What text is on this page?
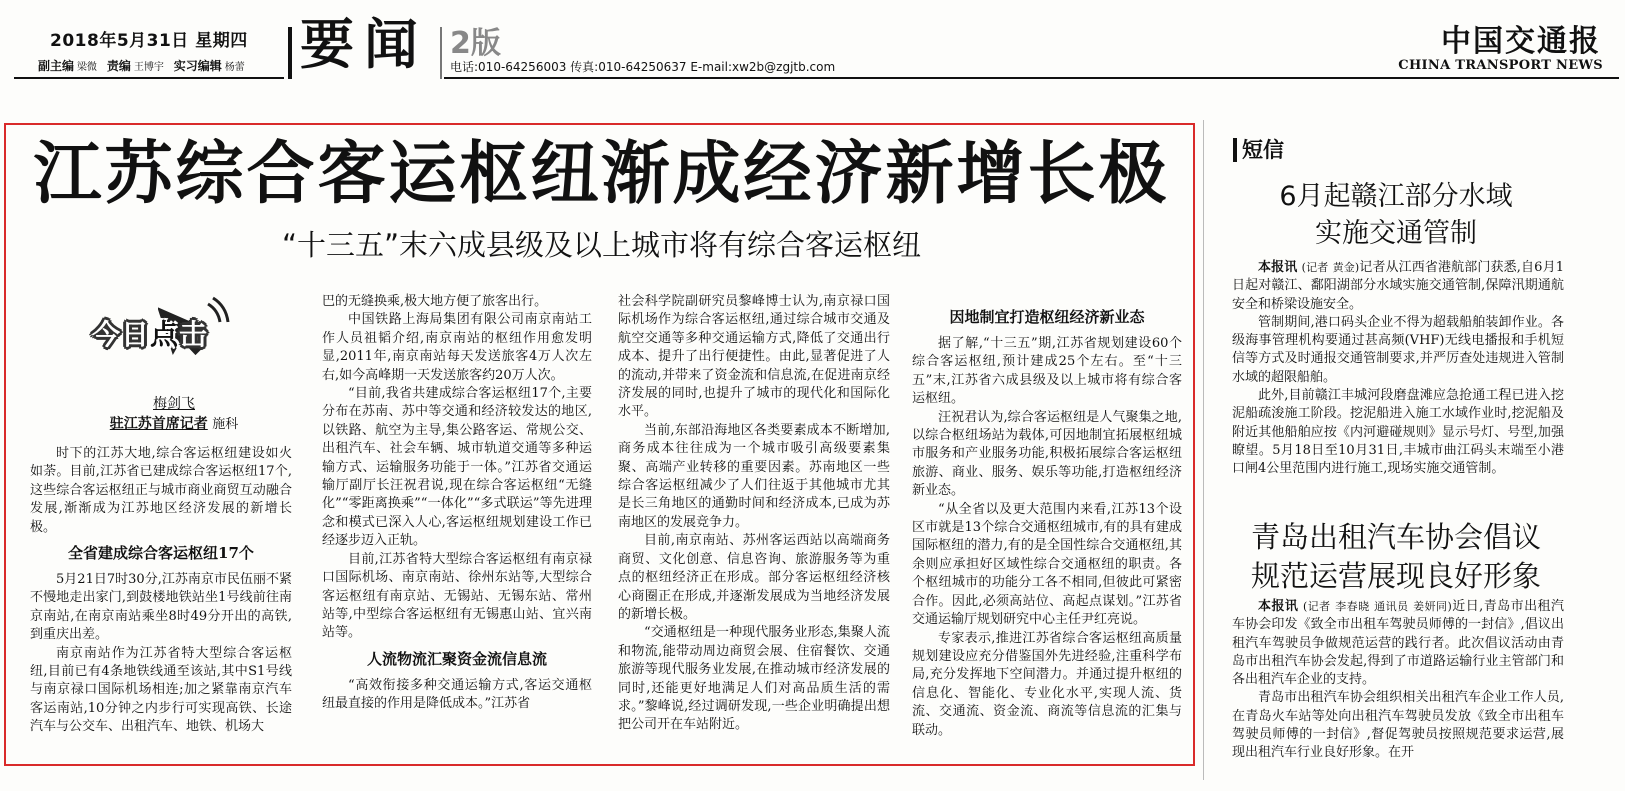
2018年5月31日 星期四
副主编 梁微 责编 王博宇 实习编辑 杨蕾 要闻 2版
电话:010-64256003 传真:010-64250637 E-mail:xw2b@zgjtb.com
中国交通报
CHINA TRANSPORT NEWS
江苏综合客运枢纽渐成经济新增长极
“十三五”末六成县级及以上城市将有综合客运枢纽
今日点击
梅剑飞
驻江苏首席记者 施科

时下的江苏大地,综合客运枢纽建设如火如荼。目前,江苏省已建成综合客运枢纽17个,这些综合客运枢纽正与城市商业商贸互动融合发展,渐渐成为江苏地区经济发展的新增长极。

全省建成综合客运枢纽17个

5月21日7时30分,江苏南京市民伍丽不紧不慢地走出家门,到鼓楼地铁站坐1号线前往南京南站,在南京南站乘坐8时49分开出的高铁,到重庆出差。

南京南站作为江苏省特大型综合客运枢纽,目前已有4条地铁线通至该站,其中S1号线与南京禄口国际机场相连;加之紧靠南京汽车客运南站,10分钟之内步行可实现高铁、长途汽车与公交车、出租汽车、地铁、机场大

巴的无缝换乘,极大地方便了旅客出行。

中国铁路上海局集团有限公司南京南站工作人员祖韬介绍,南京南站的枢纽作用愈发明显,2011年,南京南站每天发送旅客4万人次左右,如今高峰期一天发送旅客约20万人次。

“目前,我省共建成综合客运枢纽17个,主要分布在苏南、苏中等交通和经济较发达的地区,以铁路、航空为主导,集公路客运、常规公交、出租汽车、社会车辆、城市轨道交通等多种运输方式、运输服务功能于一体。”江苏省交通运输厅副厅长汪祝君说,现在综合客运枢纽“无缝化”“零距离换乘”“一体化”“多式联运”等先进理念和模式已深入人心,客运枢纽规划建设工作已经逐步迈入正轨。

目前,江苏省特大型综合客运枢纽有南京禄口国际机场、南京南站、徐州东站等,大型综合客运枢纽有南京站、无锡站、无锡东站、常州站等,中型综合客运枢纽有无锡惠山站、宜兴南站等。

人流物流汇聚资金流信息流

“高效衔接多种交通运输方式,客运交通枢纽最直接的作用是降低成本。”江苏省

社会科学院副研究员黎峰博士认为,南京禄口国际机场作为综合客运枢纽,通过综合城市交通及航空交通等多种交通运输方式,降低了交通出行成本、提升了出行便捷性。由此,显著促进了人的流动,并带来了资金流和信息流,在促进南京经济发展的同时,也提升了城市的现代化和国际化水平。

当前,东部沿海地区各类要素成本不断增加,商务成本往往成为一个城市吸引高级要素集聚、高端产业转移的重要因素。苏南地区一些综合客运枢纽减少了人们往返于其他城市尤其是长三角地区的通勤时间和经济成本,已成为苏南地区的发展竞争力。

目前,南京南站、苏州客运西站以高端商务商贸、文化创意、信息咨询、旅游服务等为重点的枢纽经济正在形成。部分客运枢纽经济核心商圈正在形成,并逐渐发展成为当地经济发展的新增长极。

“交通枢纽是一种现代服务业形态,集聚人流和物流,能带动周边商贸会展、住宿餐饮、交通旅游等现代服务业发展,在推动城市经济发展的同时,还能更好地满足人们对高品质生活的需求。”黎峰说,经过调研发现,一些企业明确提出想把公司开在车站附近。

因地制宜打造枢纽经济新业态

据了解,“十三五”期,江苏省规划建设60个综合客运枢纽,预计建成25个左右。至“十三五”末,江苏省六成县级及以上城市将有综合客运枢纽。

汪祝君认为,综合客运枢纽是人气聚集之地,以综合枢纽场站为载体,可因地制宜拓展枢纽城市服务和产业服务功能,积极拓展综合客运枢纽旅游、商业、服务、娱乐等功能,打造枢纽经济新业态。

“从全省以及更大范围内来看,江苏13个设区市就是13个综合交通枢纽城市,有的具有建成国际枢纽的潜力,有的是全国性综合交通枢纽,其余则应承担好区域性综合交通枢纽的职责。各个枢纽城市的功能分工各不相同,但彼此可紧密合作。因此,必须高站位、高起点谋划。”江苏省交通运输厅规划研究中心主任尹红亮说。

专家表示,推进江苏省综合客运枢纽高质量规划建设应充分借鉴国外先进经验,注重科学布局,充分发挥地下空间潜力。并通过提升枢纽的信息化、智能化、专业化水平,实现人流、货流、交通流、资金流、商流等信息流的汇集与联动。

短信
6月起赣江部分水域
实施交通管制

本报讯 (记者 黄金)记者从江西省港航部门获悉,自6月1日起对赣江、鄱阳湖部分水域实施交通管制,保障汛期通航安全和桥梁设施安全。

管制期间,港口码头企业不得为超载船舶装卸作业。各级海事管理机构要通过甚高频(VHF)无线电播报和手机短信等方式及时通报交通管制要求,并严厉查处违规进入管制水域的超限船舶。

此外,目前赣江丰城河段磨盘滩应急抢通工程已进入挖泥船疏浚施工阶段。挖泥船进入施工水域作业时,挖泥船及附近其他船舶应按《内河避碰规则》显示号灯、号型,加强瞭望。5月18日至10月31日,丰城市曲江码头末端至小港口闸4公里范围内进行施工,现场实施交通管制。

青岛出租汽车协会倡议
规范运营展现良好形象

本报讯 (记者 李春晓 通讯员 姜妍同)近日,青岛市出租汽车协会印发《致全市出租车驾驶员师傅的一封信》,倡议出租汽车驾驶员争做规范运营的践行者。此次倡议活动由青岛市出租汽车协会发起,得到了市道路运输行业主管部门和各出租汽车企业的支持。

青岛市出租汽车协会组织相关出租汽车企业工作人员,在青岛火车站等处向出租汽车驾驶员发放《致全市出租车驾驶员师傅的一封信》,督促驾驶员按照规范要求运营,展现出租汽车行业良好形象。在开
